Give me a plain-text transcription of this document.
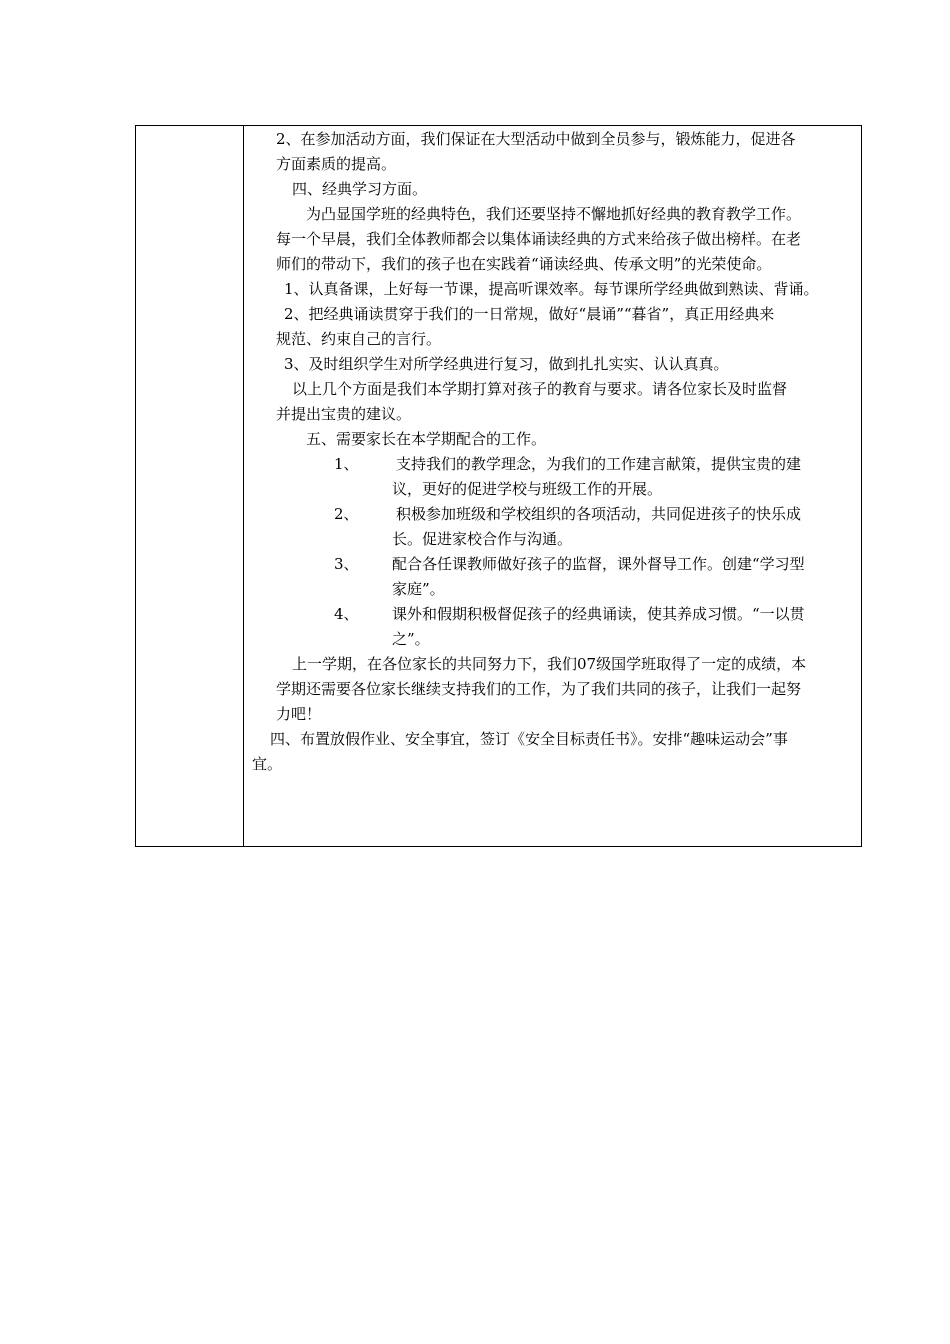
2、在参加活动方面，我们保证在大型活动中做到全员参与，锻炼能力，促进各
方面素质的提高。
四、经典学习方面。
为凸显国学班的经典特色，我们还要坚持不懈地抓好经典的教育教学工作。
每一个早晨，我们全体教师都会以集体诵读经典的方式来给孩子做出榜样。在老
师们的带动下，我们的孩子也在实践着“诵读经典、传承文明”的光荣使命。
1、认真备课，上好每一节课，提高听课效率。每节课所学经典做到熟读、背诵。
2、把经典诵读贯穿于我们的一日常规，做好“晨诵”“暮省”，真正用经典来
规范、约束自己的言行。
3、及时组织学生对所学经典进行复习，做到扎扎实实、认认真真。
以上几个方面是我们本学期打算对孩子的教育与要求。请各位家长及时监督
并提出宝贵的建议。
五、需要家长在本学期配合的工作。
1、 支持我们的教学理念，为我们的工作建言献策，提供宝贵的建
议，更好的促进学校与班级工作的开展。
2、 积极参加班级和学校组织的各项活动，共同促进孩子的快乐成
长。促进家校合作与沟通。
3、 配合各任课教师做好孩子的监督，课外督导工作。创建“学习型
家庭”。
4、 课外和假期积极督促孩子的经典诵读，使其养成习惯。“一以贯
之”。
上一学期，在各位家长的共同努力下，我们07级国学班取得了一定的成绩，本
学期还需要各位家长继续支持我们的工作，为了我们共同的孩子，让我们一起努
力吧！
四、布置放假作业、安全事宜，签订《安全目标责任书》。安排“趣味运动会”事
宜。
